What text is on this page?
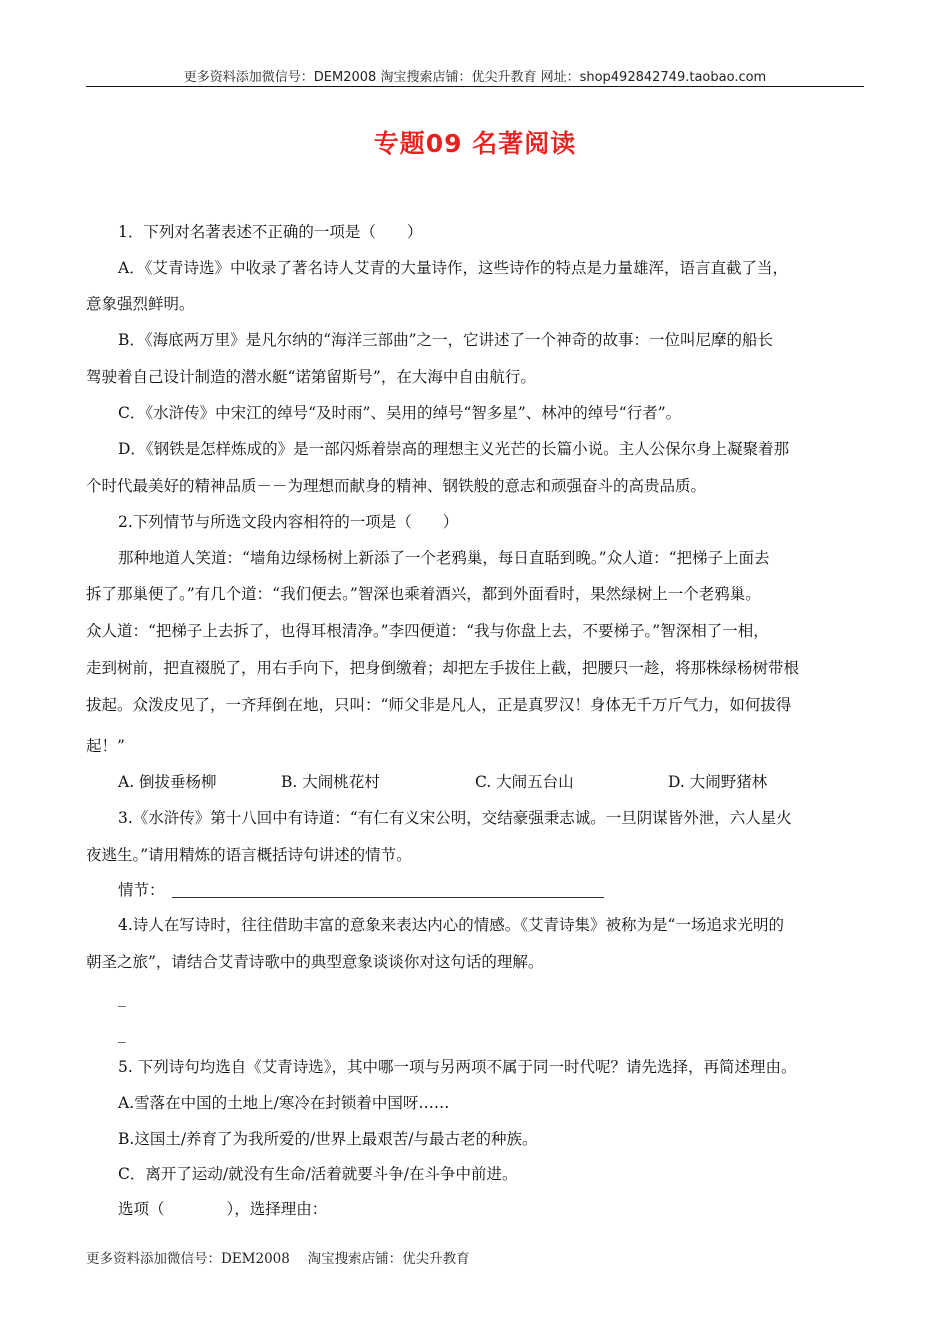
更多资料添加微信号：DEM2008 淘宝搜索店铺：优尖升教育 网址：shop492842749.taobao.com
专题09 名著阅读
1．下列对名著表述不正确的一项是（　　）
A．《艾青诗选》中收录了著名诗人艾青的大量诗作，这些诗作的特点是力量雄浑，语言直截了当，
意象强烈鲜明。
B．《海底两万里》是凡尔纳的“海洋三部曲”之一，它讲述了一个神奇的故事：一位叫尼摩的船长
驾驶着自己设计制造的潜水艇“诺第留斯号”，在大海中自由航行。
C．《水浒传》中宋江的绰号“及时雨”、吴用的绰号“智多星”、林冲的绰号“行者”。
D．《钢铁是怎样炼成的》是一部闪烁着崇高的理想主义光芒的长篇小说。主人公保尔身上凝聚着那
个时代最美好的精神品质－－为理想而献身的精神、钢铁般的意志和顽强奋斗的高贵品质。
2.下列情节与所选文段内容相符的一项是（　　）
那种地道人笑道：“墙角边绿杨树上新添了一个老鸦巢，每日直聒到晚。”众人道：“把梯子上面去
拆了那巢便了。”有几个道：“我们便去。”智深也乘着酒兴，都到外面看时，果然绿树上一个老鸦巢。
众人道：“把梯子上去拆了，也得耳根清净。”李四便道：“我与你盘上去，不要梯子。”智深相了一相，
走到树前，把直裰脱了，用右手向下，把身倒缴着；却把左手拔住上截，把腰只一趁，将那株绿杨树带根
拔起。众泼皮见了，一齐拜倒在地，只叫：“师父非是凡人，正是真罗汉！身体无千万斤气力，如何拔得
起！”
A. 倒拔垂杨柳	B. 大闹桃花村	C. 大闹五台山	D. 大闹野猪林
3.《水浒传》第十八回中有诗道：“有仁有义宋公明，交结豪强秉志诚。一旦阴谋皆外泄，六人星火
夜逃生。”请用精炼的语言概括诗句讲述的情节。
情节：
4.诗人在写诗时，往往借助丰富的意象来表达内心的情感。《艾青诗集》被称为是“一场追求光明的
朝圣之旅”，请结合艾青诗歌中的典型意象谈谈你对这句话的理解。
_
_
5. 下列诗句均选自《艾青诗选》，其中哪一项与另两项不属于同一时代呢？请先选择，再简述理由。
A.雪落在中国的土地上/寒冷在封锁着中国呀……
B.这国土/养育了为我所爱的/世界上最艰苦/与最古老的种族。
C．离开了运动/就没有生命/活着就要斗争/在斗争中前进。
选项（　　　　），选择理由：
更多资料添加微信号：DEM2008　 淘宝搜索店铺：优尖升教育
